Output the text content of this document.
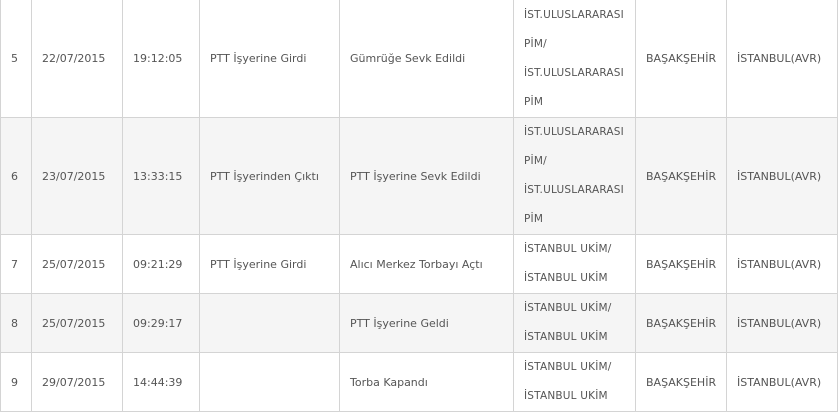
5	22/07/2015	19:12:05	PTT İşyerine Girdi	Gümrüğe Sevk Edildi	İST.ULUSLARARASI
PİM/
İST.ULUSLARARASI
PİM	BAŞAKŞEHİR	İSTANBUL(AVR)
6	23/07/2015	13:33:15	PTT İşyerinden Çıktı	PTT İşyerine Sevk Edildi	İST.ULUSLARARASI
PİM/
İST.ULUSLARARASI
PİM	BAŞAKŞEHİR	İSTANBUL(AVR)
7	25/07/2015	09:21:29	PTT İşyerine Girdi	Alıcı Merkez Torbayı Açtı	İSTANBUL UKİM/
İSTANBUL UKİM	BAŞAKŞEHİR	İSTANBUL(AVR)
8	25/07/2015	09:29:17		PTT İşyerine Geldi	İSTANBUL UKİM/
İSTANBUL UKİM	BAŞAKŞEHİR	İSTANBUL(AVR)
9	29/07/2015	14:44:39		Torba Kapandı	İSTANBUL UKİM/
İSTANBUL UKİM	BAŞAKŞEHİR	İSTANBUL(AVR)
